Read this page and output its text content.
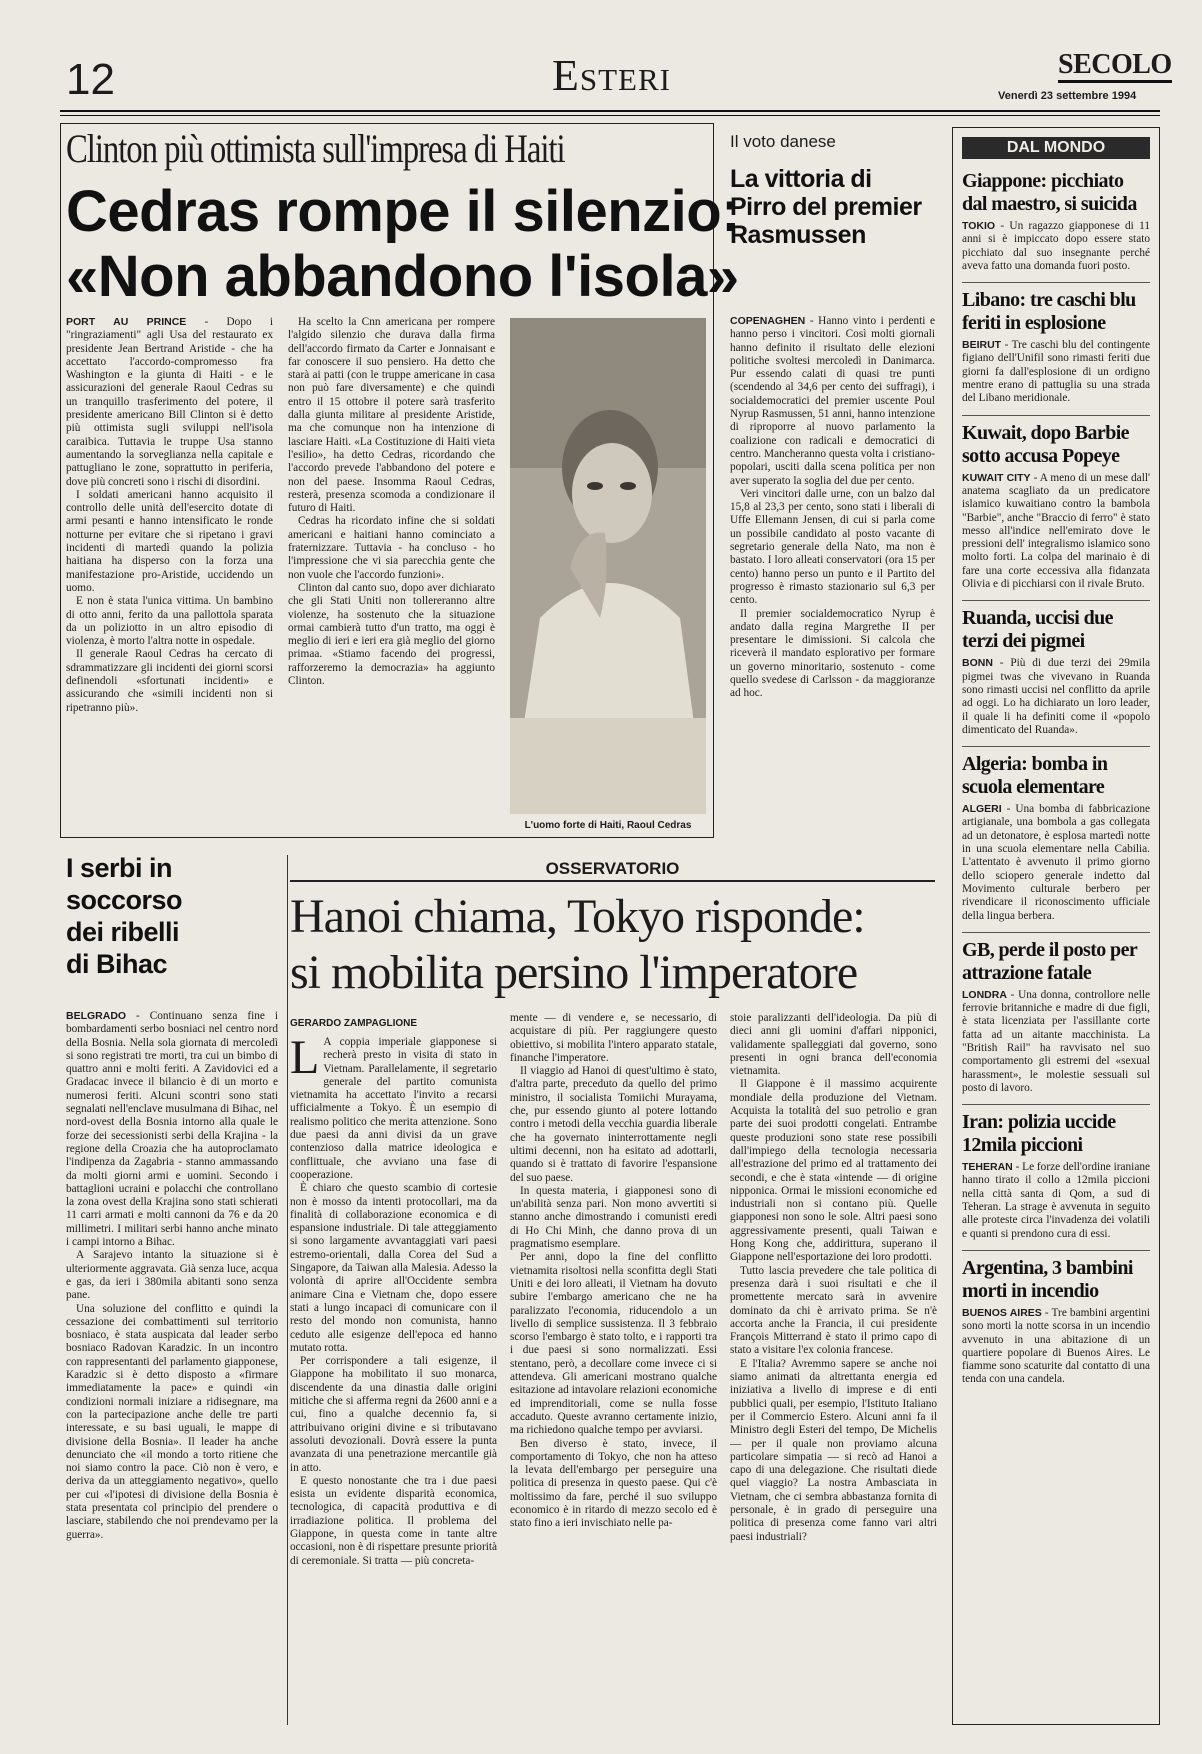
12	Esteri	SECOLO
Venerdì 23 settembre 1994
Clinton più ottimista sull'impresa di Haiti
Cedras rompe il silenzio:
«Non abbandono l'isola»

PORT AU PRINCE - Dopo i "ringraziamenti" agli Usa del restaurato ex presidente Jean Bertrand Aristide - che ha accettato l'accordo-compromesso fra Washington e la giunta di Haiti - e le assicurazioni del generale Raoul Cedras su un tranquillo trasferimento del potere, il presidente americano Bill Clinton si è detto più ottimista sugli sviluppi nell'isola caraibica. Tuttavia le truppe Usa stanno aumentando la sorveglianza nella capitale e pattugliano le zone, soprattutto in periferia, dove più concreti sono i rischi di disordini.

I soldati americani hanno acquisito il controllo delle unità dell'esercito dotate di armi pesanti e hanno intensificato le ronde notturne per evitare che si ripetano i gravi incidenti di martedì quando la polizia haitiana ha disperso con la forza una manifestazione pro-Aristide, uccidendo un uomo.

E non è stata l'unica vittima. Un bambino di otto anni, ferito da una pallottola sparata da un poliziotto in un altro episodio di violenza, è morto l'altra notte in ospedale.

Il generale Raoul Cedras ha cercato di sdrammatizzare gli incidenti dei giorni scorsi definendoli «sfortunati incidenti» e assicurando che «simili incidenti non si ripetranno più».

Ha scelto la Cnn americana per rompere l'algido silenzio che durava dalla firma dell'accordo firmato da Carter e Jonnaisant e far conoscere il suo pensiero. Ha detto che starà ai patti (con le truppe americane in casa non può fare diversamente) e che quindi entro il 15 ottobre il potere sarà trasferito dalla giunta militare al presidente Aristide, ma che comunque non ha intenzione di lasciare Haiti. «La Costituzione di Haiti vieta l'esilio», ha detto Cedras, ricordando che l'accordo prevede l'abbandono del potere e non del paese. Insomma Raoul Cedras, resterà, presenza scomoda a condizionare il futuro di Haiti.

Cedras ha ricordato infine che si soldati americani e haitiani hanno cominciato a fraternizzare. Tuttavia - ha concluso - ho l'impressione che vi sia parecchia gente che non vuole che l'accordo funzioni».

Clinton dal canto suo, dopo aver dichiarato che gli Stati Uniti non tollereranno altre violenze, ha sostenuto che la situazione ormai cambierà tutto d'un tratto, ma oggi è meglio di ieri e ieri era già meglio del giorno primaa. «Stiamo facendo dei progressi, rafforzeremo la democrazia» ha aggiunto Clinton.

L'uomo forte di Haiti, Raoul Cedras
Il voto danese
La vittoria di Pirro del premier Rasmussen

COPENAGHEN - Hanno vinto i perdenti e hanno perso i vincitori. Così molti giornali hanno definito il risultato delle elezioni politiche svoltesi mercoledì in Danimarca. Pur essendo calati di quasi tre punti (scendendo al 34,6 per cento dei suffragi), i socialdemocratici del premier uscente Poul Nyrup Rasmussen, 51 anni, hanno intenzione di riproporre al nuovo parlamento la coalizione con radicali e democratici di centro. Mancheranno questa volta i cristiano-popolari, usciti dalla scena politica per non aver superato la soglia del due per cento.

Veri vincitori dalle urne, con un balzo dal 15,8 al 23,3 per cento, sono stati i liberali di Uffe Ellemann Jensen, di cui si parla come un possibile candidato al posto vacante di segretario generale della Nato, ma non è bastato. I loro alleati conservatori (ora 15 per cento) hanno perso un punto e il Partito del progresso è rimasto stazionario sul 6,3 per cento.

Il premier socialdemocratico Nyrup è andato dalla regina Margrethe II per presentare le dimissioni. Si calcola che riceverà il mandato esplorativo per formare un governo minoritario, sostenuto - come quello svedese di Carlsson - da maggioranze ad hoc.

DAL MONDO
Giappone: picchiato dal maestro, si suicida
TOKIO - Un ragazzo giapponese di 11 anni si è impiccato dopo essere stato picchiato dal suo insegnante perché aveva fatto una domanda fuori posto.
Libano: tre caschi blu feriti in esplosione
BEIRUT - Tre caschi blu del contingente figiano dell'Unifil sono rimasti feriti due giorni fa dall'esplosione di un ordigno mentre erano di pattuglia su una strada del Libano meridionale.
Kuwait, dopo Barbie sotto accusa Popeye
KUWAIT CITY - A meno di un mese dall' anatema scagliato da un predicatore islamico kuwaitiano contro la bambola "Barbie", anche "Braccio di ferro" è stato messo all'indice nell'emirato dove le pressioni dell' integralismo islamico sono molto forti. La colpa del marinaio è di fare una corte eccessiva alla fidanzata Olivia e di picchiarsi con il rivale Bruto.
Ruanda, uccisi due terzi dei pigmei
BONN - Più di due terzi dei 29mila pigmei twas che vivevano in Ruanda sono rimasti uccisi nel conflitto da aprile ad oggi. Lo ha dichiarato un loro leader, il quale li ha definiti come il «popolo dimenticato del Ruanda».
Algeria: bomba in scuola elementare
ALGERI - Una bomba di fabbricazione artigianale, una bombola a gas collegata ad un detonatore, è esplosa martedì notte in una scuola elementare nella Cabilia. L'attentato è avvenuto il primo giorno dello sciopero generale indetto dal Movimento culturale berbero per rivendicare il riconoscimento ufficiale della lingua berbera.
GB, perde il posto per attrazione fatale
LONDRA - Una donna, controllore nelle ferrovie britanniche e madre di due figli, è stata licenziata per l'assillante corte fatta ad un aitante macchinista. La "British Rail" ha ravvisato nel suo comportamento gli estremi del «sexual harassment», le molestie sessuali sul posto di lavoro.
Iran: polizia uccide 12mila piccioni
TEHERAN - Le forze dell'ordine iraniane hanno tirato il collo a 12mila piccioni nella città santa di Qom, a sud di Teheran. La strage è avvenuta in seguito alle proteste circa l'invadenza dei volatili e quanti si prendono cura di essi.
Argentina, 3 bambini morti in incendio
BUENOS AIRES - Tre bambini argentini sono morti la notte scorsa in un incendio avvenuto in una abitazione di un quartiere popolare di Buenos Aires. Le fiamme sono scaturite dal contatto di una tenda con una candela.
I serbi in soccorso dei ribelli di Bihac

BELGRADO - Continuano senza fine i bombardamenti serbo bosniaci nel centro nord della Bosnia. Nella sola giornata di mercoledì si sono registrati tre morti, tra cui un bimbo di quattro anni e molti feriti. A Zavidovici ed a Gradacac invece il bilancio è di un morto e numerosi feriti. Alcuni scontri sono stati segnalati nell'enclave musulmana di Bihac, nel nord-ovest della Bosnia intorno alla quale le forze dei secessionisti serbi della Krajina - la regione della Croazia che ha autoproclamato l'indipenza da Zagabria - stanno ammassando da molti giorni armi e uomini. Secondo i battaglioni ucraini e polacchi che controllano la zona ovest della Krajina sono stati schierati 11 carri armati e molti cannoni da 76 e da 20 millimetri. I militari serbi hanno anche minato i campi intorno a Bihac.

A Sarajevo intanto la situazione si è ulteriormente aggravata. Già senza luce, acqua e gas, da ieri i 380mila abitanti sono senza pane.

Una soluzione del conflitto e quindi la cessazione dei combattimenti sul territorio bosniaco, è stata auspicata dal leader serbo bosniaco Radovan Karadzic. In un incontro con rappresentanti del parlamento giapponese, Karadzic si è detto disposto a «firmare immediatamente la pace» e quindi «in condizioni normali iniziare a ridisegnare, ma con la partecipazione anche delle tre parti interessate, e su basi uguali, le mappe di divisione della Bosnia». Il leader ha anche denunciato che «il mondo a torto ritiene che noi siamo contro la pace. Ciò non è vero, e deriva da un atteggiamento negativo», quello per cui «l'ipotesi di divisione della Bosnia è stata presentata col principio del prendere o lasciare, stabilendo che noi prendevamo per la guerra».

OSSERVATORIO
Hanoi chiama, Tokyo risponde:
si mobilita persino l'imperatore
GERARDO ZAMPAGLIONE

L A coppia imperiale giapponese si recherà presto in visita di stato in Vietnam. Parallelamente, il segretario generale del partito comunista vietnamita ha accettato l'invito a recarsi ufficialmente a Tokyo. È un esempio di realismo politico che merita attenzione. Sono due paesi da anni divisi da un grave contenzioso dalla matrice ideologica e conflittuale, che avviano una fase di cooperazione.

È chiaro che questo scambio di cortesie non è mosso da intenti protocollari, ma da finalità di collaborazione economica e di espansione industriale. Di tale atteggiamento si sono largamente avvantaggiati vari paesi estremo-orientali, dalla Corea del Sud a Singapore, da Taiwan alla Malesia. Adesso la volontà di aprire all'Occidente sembra animare Cina e Vietnam che, dopo essere stati a lungo incapaci di comunicare con il resto del mondo non comunista, hanno ceduto alle esigenze dell'epoca ed hanno mutato rotta.

Per corrispondere a tali esigenze, il Giappone ha mobilitato il suo monarca, discendente da una dinastia dalle origini mitiche che si afferma regni da 2600 anni e a cui, fino a qualche decennio fa, si attribuivano origini divine e si tributavano assoluti devozionali. Dovrà essere la punta avanzata di una penetrazione mercantile già in atto.

E questo nonostante che tra i due paesi esista un evidente disparità economica, tecnologica, di capacità produttiva e di irradiazione politica. Il problema del Giappone, in questa come in tante altre occasioni, non è di rispettare presunte priorità di ceremoniale. Si tratta — più concreta-

mente — di vendere e, se necessario, di acquistare di più. Per raggiungere questo obiettivo, si mobilita l'intero apparato statale, finanche l'imperatore.

Il viaggio ad Hanoi di quest'ultimo è stato, d'altra parte, preceduto da quello del primo ministro, il socialista Tomiichi Murayama, che, pur essendo giunto al potere lottando contro i metodi della vecchia guardia liberale che ha governato ininterrottamente negli ultimi decenni, non ha esitato ad adottarli, quando si è trattato di favorire l'espansione del suo paese.

In questa materia, i giapponesi sono di un'abilità senza pari. Non mono avvertiti si stanno anche dimostrando i comunisti eredi di Ho Chi Minh, che danno prova di un pragmatismo esemplare.

Per anni, dopo la fine del conflitto vietnamita risoltosi nella sconfitta degli Stati Uniti e dei loro alleati, il Vietnam ha dovuto subire l'embargo americano che ne ha paralizzato l'economia, riducendolo a un livello di semplice sussistenza. Il 3 febbraio scorso l'embargo è stato tolto, e i rapporti tra i due paesi si sono normalizzati. Essi stentano, però, a decollare come invece ci si attendeva. Gli americani mostrano qualche esitazione ad intavolare relazioni economiche ed imprenditoriali, come se nulla fosse accaduto. Queste avranno certamente inizio, ma richiedono qualche tempo per avviarsi.

Ben diverso è stato, invece, il comportamento di Tokyo, che non ha atteso la levata dell'embargo per perseguire una politica di presenza in questo paese. Qui c'è moltissimo da fare, perché il suo sviluppo economico è in ritardo di mezzo secolo ed è stato fino a ieri invischiato nelle pa-

stoie paralizzanti dell'ideologia. Da più di dieci anni gli uomini d'affari nipponici, validamente spalleggiati dal governo, sono presenti in ogni branca dell'economia vietnamita.

Il Giappone è il massimo acquirente mondiale della produzione del Vietnam. Acquista la totalità del suo petrolio e gran parte dei suoi prodotti congelati. Entrambe queste produzioni sono state rese possibili dall'impiego della tecnologia necessaria all'estrazione del primo ed al trattamento dei secondi, e che è stata «intende — di origine nipponica. Ormai le missioni economiche ed industriali non si contano più. Quelle giapponesi non sono le sole. Altri paesi sono aggressivamente presenti, quali Taiwan e Hong Kong che, addirittura, superano il Giappone nell'esportazione dei loro prodotti.

Tutto lascia prevedere che tale politica di presenza darà i suoi risultati e che il promettente mercato sarà in avvenire dominato da chi è arrivato prima. Se n'è accorta anche la Francia, il cui presidente François Mitterrand è stato il primo capo di stato a visitare l'ex colonia francese.

E l'Italia? Avremmo sapere se anche noi siamo animati da altrettanta energia ed iniziativa a livello di imprese e di enti pubblici quali, per esempio, l'Istituto Italiano per il Commercio Estero. Alcuni anni fa il Ministro degli Esteri del tempo, De Michelis — per il quale non proviamo alcuna particolare simpatia — si recò ad Hanoi a capo di una delegazione. Che risultati diede quel viaggio? La nostra Ambasciata in Vietnam, che ci sembra abbastanza fornita di personale, è in grado di perseguire una politica di presenza come fanno vari altri paesi industriali?
